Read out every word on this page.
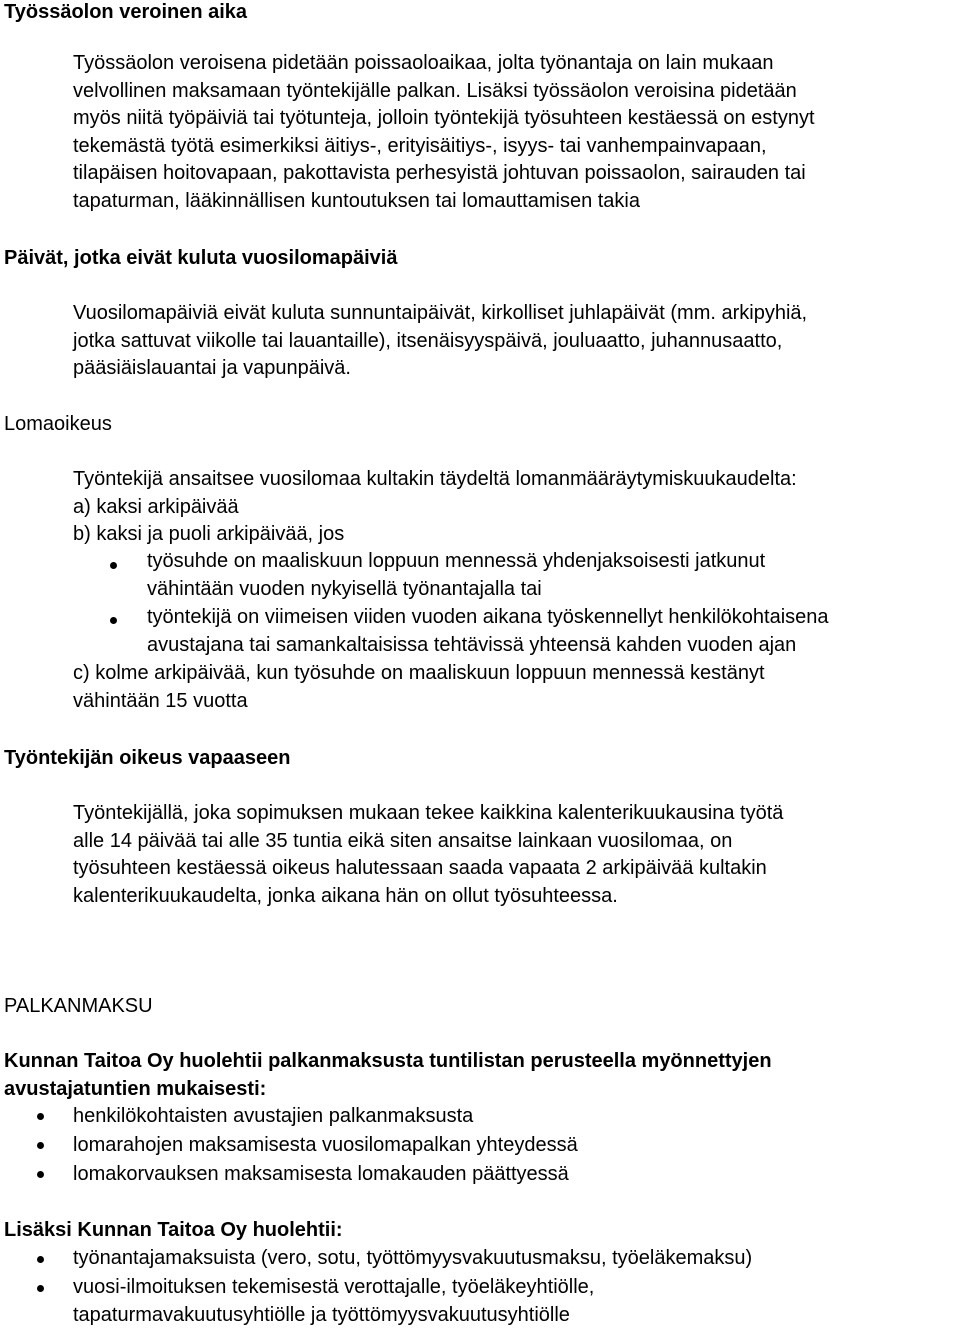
Työssäolon veroinen aika
Työssäolon veroisena pidetään poissaoloaikaa, jolta työnantaja on lain mukaan
velvollinen maksamaan työntekijälle palkan. Lisäksi työssäolon veroisina pidetään
myös niitä työpäiviä tai työtunteja, jolloin työntekijä työsuhteen kestäessä on estynyt
tekemästä työtä esimerkiksi äitiys-, erityisäitiys-, isyys- tai vanhempainvapaan,
tilapäisen hoitovapaan, pakottavista perhesyistä johtuvan poissaolon, sairauden tai
tapaturman, lääkinnällisen kuntoutuksen tai lomauttamisen takia
Päivät, jotka eivät kuluta vuosilomapäiviä
Vuosilomapäiviä eivät kuluta sunnuntaipäivät, kirkolliset juhlapäivät (mm. arkipyhiä,
jotka sattuvat viikolle tai lauantaille), itsenäisyyspäivä, jouluaatto, juhannusaatto,
pääsiäislauantai ja vapunpäivä.
Lomaoikeus
Työntekijä ansaitsee vuosilomaa kultakin täydeltä lomanmääräytymiskuukaudelta:
a) kaksi arkipäivää
b) kaksi ja puoli arkipäivää, jos
työsuhde on maaliskuun loppuun mennessä yhdenjaksoisesti jatkunut
vähintään vuoden nykyisellä työnantajalla tai
työntekijä on viimeisen viiden vuoden aikana työskennellyt henkilökohtaisena
avustajana tai samankaltaisissa tehtävissä yhteensä kahden vuoden ajan
c) kolme arkipäivää, kun työsuhde on maaliskuun loppuun mennessä kestänyt
vähintään 15 vuotta
Työntekijän oikeus vapaaseen
Työntekijällä, joka sopimuksen mukaan tekee kaikkina kalenterikuukausina työtä
alle 14 päivää tai alle 35 tuntia eikä siten ansaitse lainkaan vuosilomaa, on
työsuhteen kestäessä oikeus halutessaan saada vapaata 2 arkipäivää kultakin
kalenterikuukaudelta, jonka aikana hän on ollut työsuhteessa.
PALKANMAKSU
Kunnan Taitoa Oy huolehtii palkanmaksusta tuntilistan perusteella myönnettyjen
avustajatuntien mukaisesti:
henkilökohtaisten avustajien palkanmaksusta
lomarahojen maksamisesta vuosilomapalkan yhteydessä
lomakorvauksen maksamisesta lomakauden päättyessä
Lisäksi Kunnan Taitoa Oy huolehtii:
työnantajamaksuista (vero, sotu, työttömyysvakuutusmaksu, työeläkemaksu)
vuosi-ilmoituksen tekemisestä verottajalle, työeläkeyhtiölle,
tapaturmavakuutusyhtiölle ja työttömyysvakuutusyhtiölle
